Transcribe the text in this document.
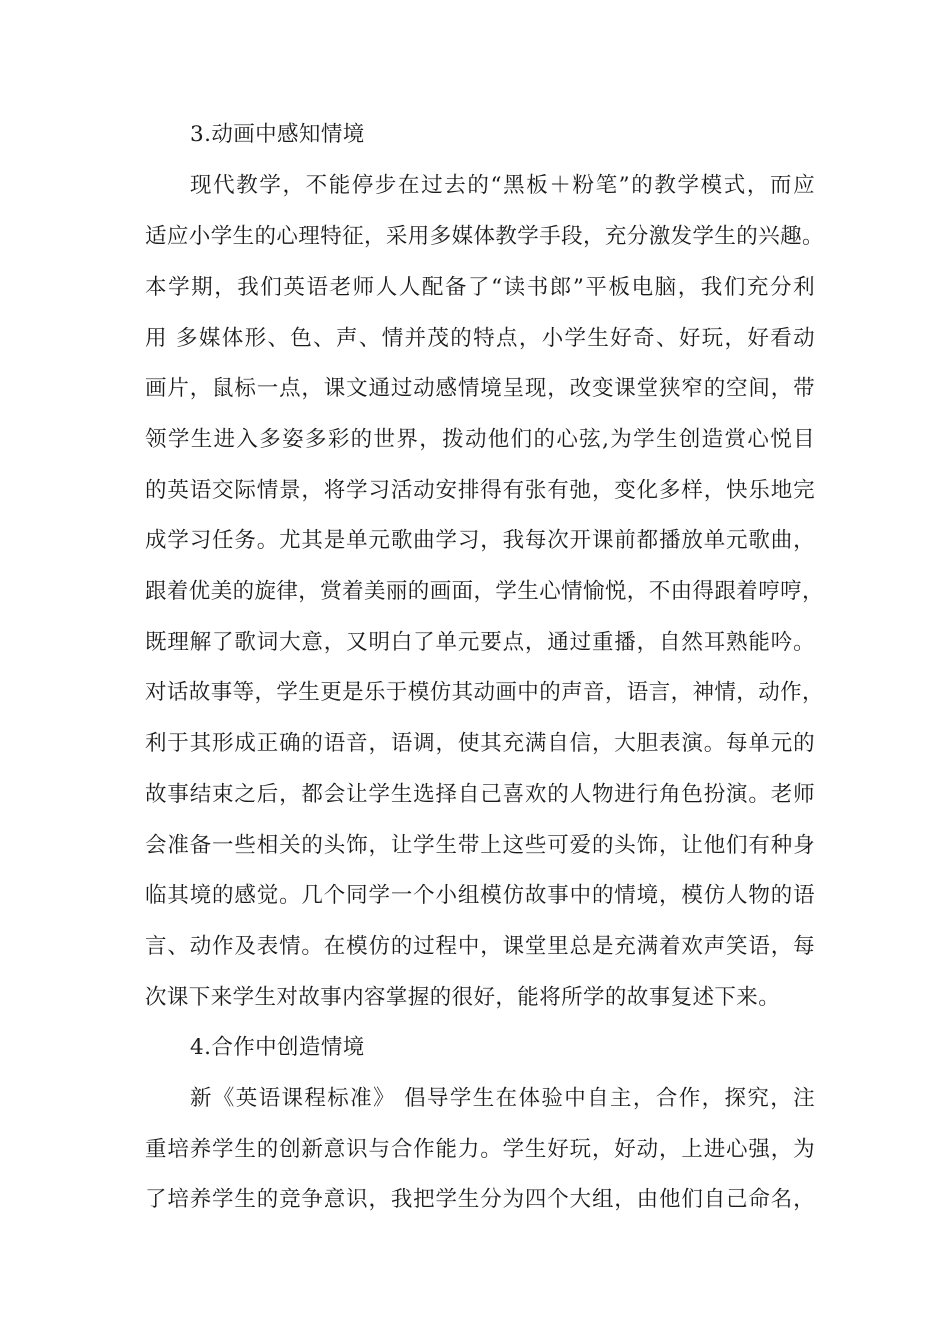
3.动画中感知情境
现代教学，不能停步在过去的“黑板＋粉笔”的教学模式，而应
适应小学生的心理特征，采用多媒体教学手段，充分激发学生的兴趣。
本学期，我们英语老师人人配备了“读书郎”平板电脑，我们充分利
用 多媒体形、色、声、情并茂的特点，小学生好奇、好玩，好看动
画片，鼠标一点，课文通过动感情境呈现，改变课堂狭窄的空间，带
领学生进入多姿多彩的世界，拨动他们的心弦,为学生创造赏心悦目
的英语交际情景，将学习活动安排得有张有弛，变化多样，快乐地完
成学习任务。尤其是单元歌曲学习，我每次开课前都播放单元歌曲，
跟着优美的旋律，赏着美丽的画面，学生心情愉悦，不由得跟着哼哼，
既理解了歌词大意，又明白了单元要点，通过重播，自然耳熟能吟。
对话故事等，学生更是乐于模仿其动画中的声音，语言，神情，动作，
利于其形成正确的语音，语调，使其充满自信，大胆表演。每单元的
故事结束之后，都会让学生选择自己喜欢的人物进行角色扮演。老师
会准备一些相关的头饰，让学生带上这些可爱的头饰，让他们有种身
临其境的感觉。几个同学一个小组模仿故事中的情境，模仿人物的语
言、动作及表情。在模仿的过程中，课堂里总是充满着欢声笑语，每
次课下来学生对故事内容掌握的很好，能将所学的故事复述下来。
4.合作中创造情境
新《英语课程标准》 倡导学生在体验中自主，合作，探究，注
重培养学生的创新意识与合作能力。学生好玩，好动，上进心强，为
了培养学生的竞争意识，我把学生分为四个大组，由他们自己命名，
